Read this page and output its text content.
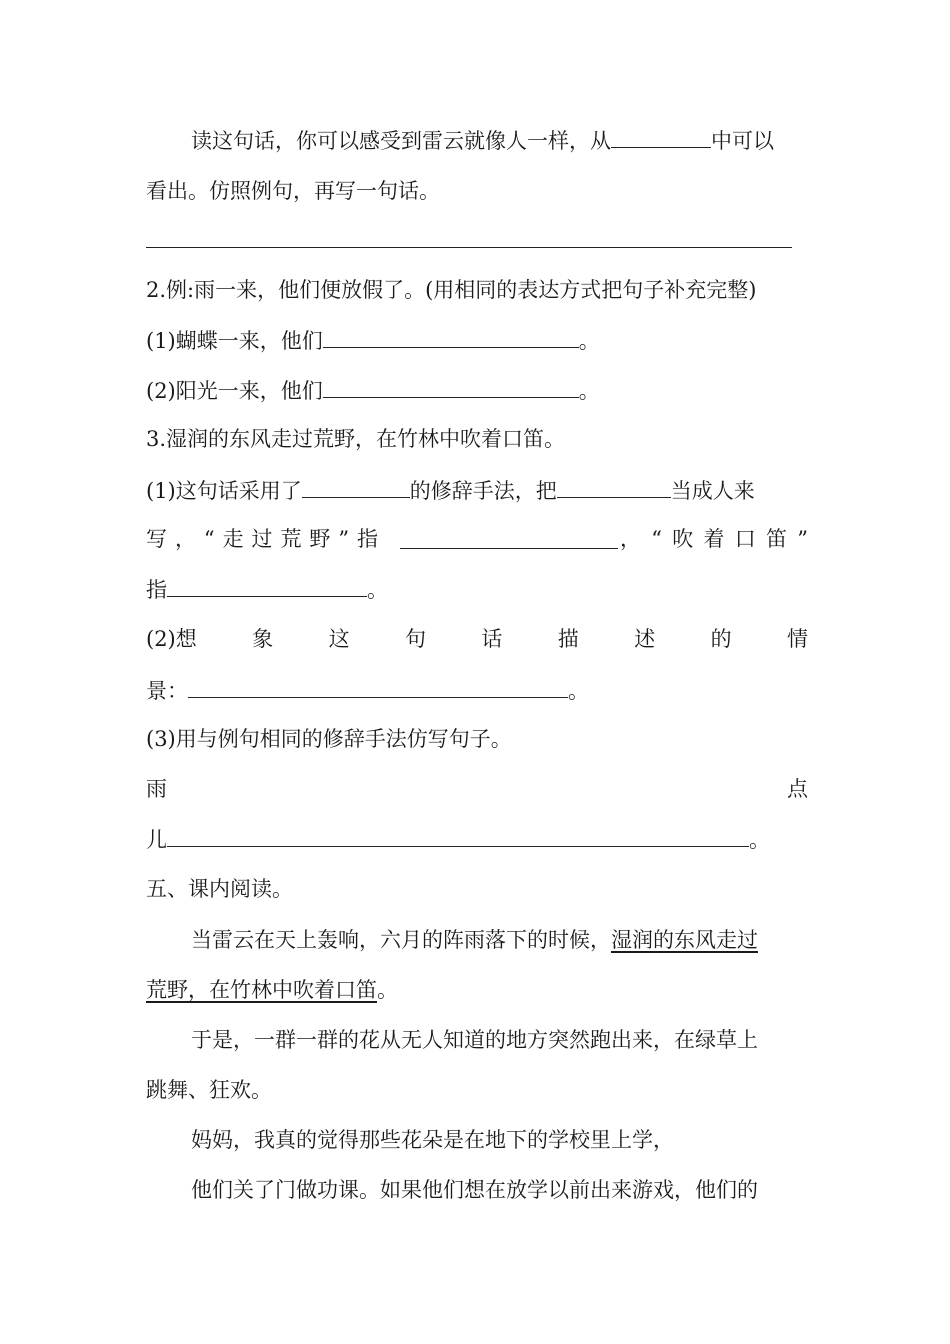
读这句话，你可以感受到雷云就像人一样，从	中可以
看出。仿照例句，再写一句话。
2.例:雨一来，他们便放假了。(用相同的表达方式把句子补充完整)
(1)蝴蝶一来，他们	。
(2)阳光一来，他们	。
3.湿润的东风走过荒野，在竹林中吹着口笛。
(1)这句话采用了	的修辞手法，把	当成人来
写 ， “ 走 过 荒 野 ” 指	， “ 吹 着 口 笛 ”
指	。
(2)想	象	这	句	话	描	述	的	情
景：	。
(3)用与例句相同的修辞手法仿写句子。
雨	点
儿	。
五、课内阅读。
当雷云在天上轰响，六月的阵雨落下的时候，湿润的东风走过
荒野，在竹林中吹着口笛。
于是，一群一群的花从无人知道的地方突然跑出来，在绿草上
跳舞、狂欢。
妈妈，我真的觉得那些花朵是在地下的学校里上学，
他们关了门做功课。如果他们想在放学以前出来游戏，他们的
